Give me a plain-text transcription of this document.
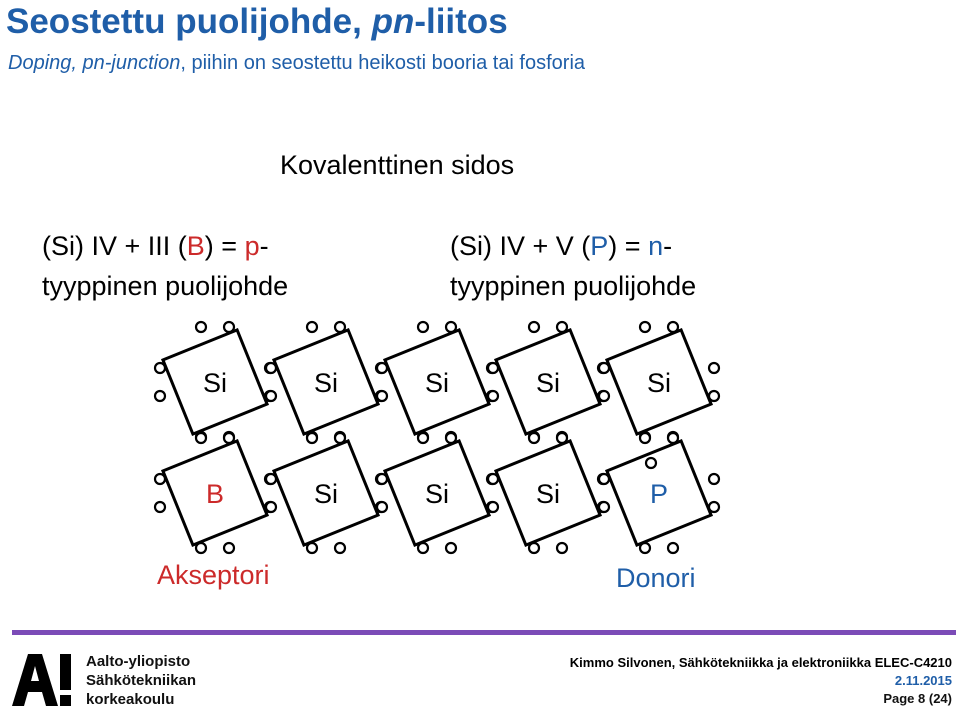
Seostettu puolijohde, pn-liitos
Doping, pn-junction, piihin on seostettu heikosti booria tai fosforia
Kovalenttinen sidos
(Si) IV + III (B) = p-
tyyppinen puolijohde
(Si) IV + V (P) = n-
tyyppinen puolijohde
Si	Si	Si	Si	Si
B	Si	Si	Si	P
Akseptori	Donori
Aalto-yliopisto
Sähkötekniikan
korkeakoulu
Kimmo Silvonen, Sähkötekniikka ja elektroniikka ELEC-C4210
2.11.2015
Page 8 (24)
